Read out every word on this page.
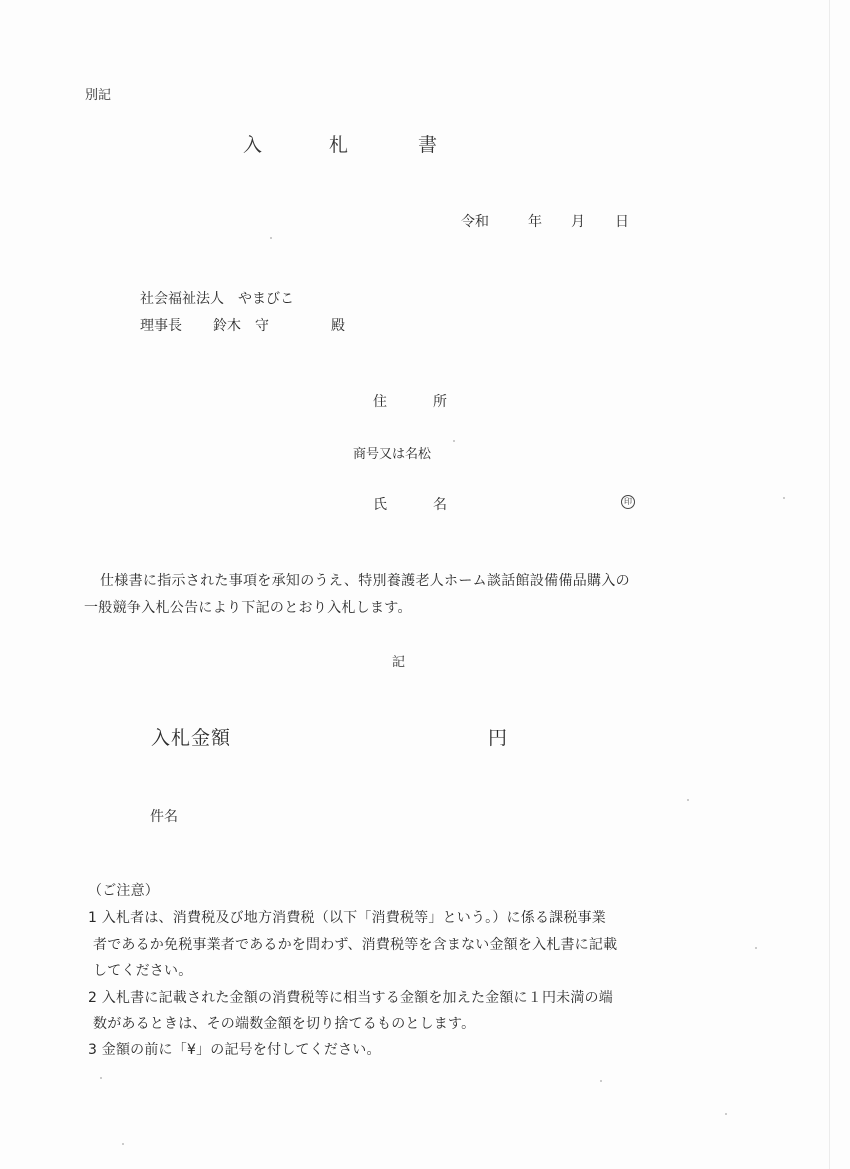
別記
入	札	書
令和	年 月 日
社会福祉法人　やまびこ
理事長 鈴木　守	殿
住	所
商号又は名松
氏	名	印
仕様書に指示された事項を承知のうえ、特別養護老人ホーム談話館設備備品購入の
一般競争入札公告により下記のとおり入札します。
記
入札金額	円
件名
（ご注意）
1 入札者は、消費税及び地方消費税（以下「消費税等」という。）に係る課税事業
者であるか免税事業者であるかを問わず、消費税等を含まない金額を入札書に記載
してください。
2 入札書に記載された金額の消費税等に相当する金額を加えた金額に１円未満の端
数があるときは、その端数金額を切り捨てるものとします。
3 金額の前に「¥」の記号を付してください。
